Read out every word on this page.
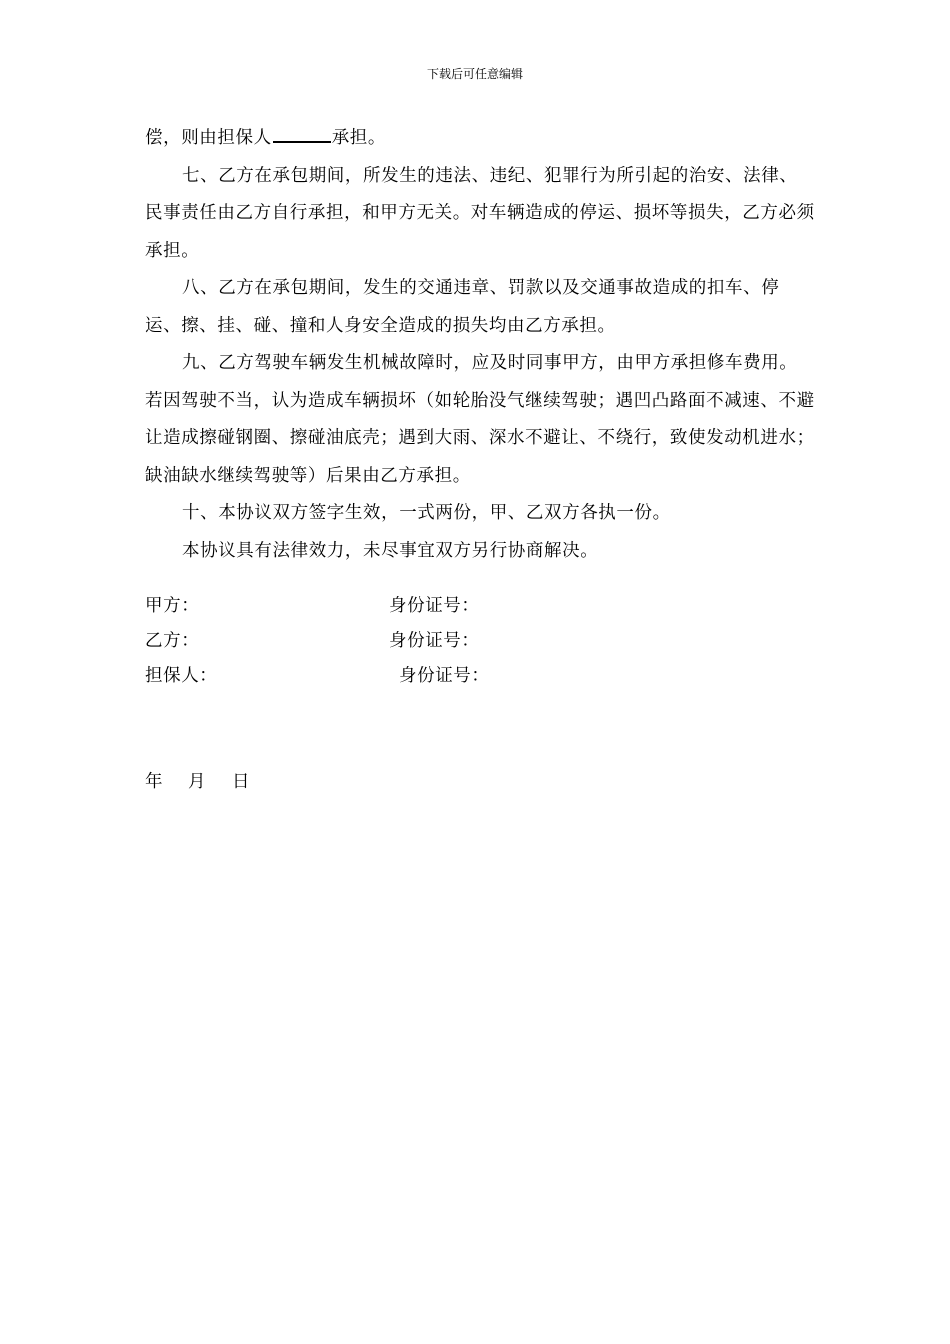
下载后可任意编辑

偿，则由担保人	承担。

七、乙方在承包期间，所发生的违法、违纪、犯罪行为所引起的治安、法律、民事责任由乙方自行承担，和甲方无关。对车辆造成的停运、损坏等损失，乙方必须承担。

八、乙方在承包期间，发生的交通违章、罚款以及交通事故造成的扣车、停运、擦、挂、碰、撞和人身安全造成的损失均由乙方承担。

九、乙方驾驶车辆发生机械故障时，应及时同事甲方，由甲方承担修车费用。若因驾驶不当，认为造成车辆损坏（如轮胎没气继续驾驶；遇凹凸路面不减速、不避让造成擦碰钢圈、擦碰油底壳；遇到大雨、深水不避让、不绕行，致使发动机进水；缺油缺水继续驾驶等）后果由乙方承担。

十、本协议双方签字生效，一式两份，甲、乙双方各执一份。

本协议具有法律效力，未尽事宜双方另行协商解决。

甲方：	身份证号：
乙方：	身份证号：
担保人：	身份证号：
年 月 日
